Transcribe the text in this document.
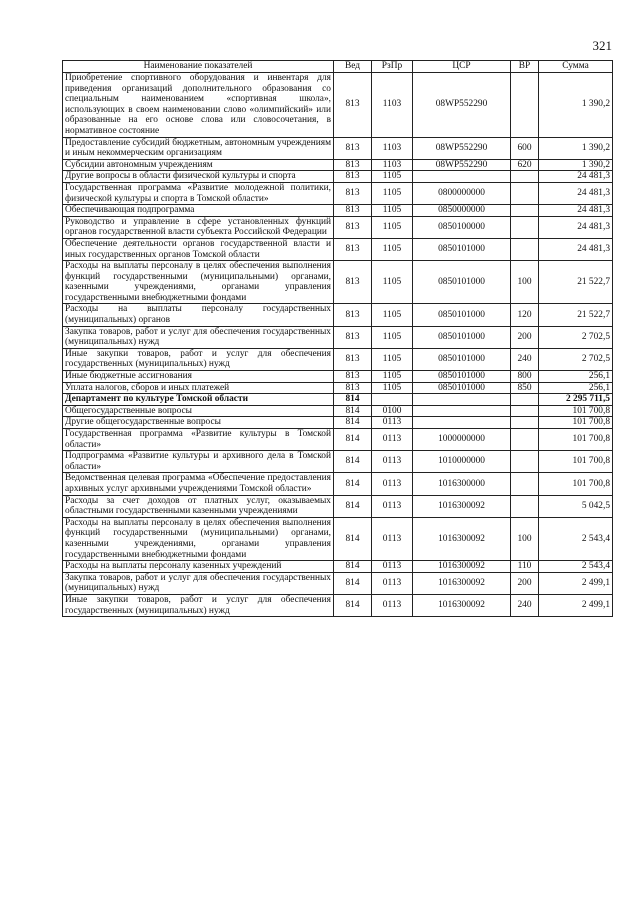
321
Наименование показателей	Вед	РзПр	ЦСР	ВР	Сумма
Приобретение спортивного оборудования и инвентаря для приведения организаций дополнительного образования со специальным наименованием «спортивная школа», использующих в своем наименовании слово «олимпийский» или образованные на его основе слова или словосочетания, в нормативное состояние	813	1103	08WP552290		1 390,2
Предоставление субсидий бюджетным, автономным учреждениям и иным некоммерческим организациям	813	1103	08WP552290	600	1 390,2
Субсидии автономным учреждениям	813	1103	08WP552290	620	1 390,2
Другие вопросы в области физической культуры и спорта	813	1105			24 481,3
Государственная программа «Развитие молодежной политики, физической культуры и спорта в Томской области»	813	1105	0800000000		24 481,3
Обеспечивающая подпрограмма	813	1105	0850000000		24 481,3
Руководство и управление в сфере установленных функций органов государственной власти субъекта Российской Федерации	813	1105	0850100000		24 481,3
Обеспечение деятельности органов государственной власти и иных государственных органов Томской области	813	1105	0850101000		24 481,3
Расходы на выплаты персоналу в целях обеспечения выполнения функций государственными (муниципальными) органами, казенными учреждениями, органами управления государственными внебюджетными фондами	813	1105	0850101000	100	21 522,7
Расходы на выплаты персоналу государственных (муниципальных) органов	813	1105	0850101000	120	21 522,7
Закупка товаров, работ и услуг для обеспечения государственных (муниципальных) нужд	813	1105	0850101000	200	2 702,5
Иные закупки товаров, работ и услуг для обеспечения государственных (муниципальных) нужд	813	1105	0850101000	240	2 702,5
Иные бюджетные ассигнования	813	1105	0850101000	800	256,1
Уплата налогов, сборов и иных платежей	813	1105	0850101000	850	256,1
Департамент по культуре Томской области	814				2 295 711,5
Общегосударственные вопросы	814	0100			101 700,8
Другие общегосударственные вопросы	814	0113			101 700,8
Государственная программа «Развитие культуры в Томской области»	814	0113	1000000000		101 700,8
Подпрограмма «Развитие культуры и архивного дела в Томской области»	814	0113	1010000000		101 700,8
Ведомственная целевая программа «Обеспечение предоставления архивных услуг архивными учреждениями Томской области»	814	0113	1016300000		101 700,8
Расходы за счет доходов от платных услуг, оказываемых областными государственными казенными учреждениями	814	0113	1016300092		5 042,5
Расходы на выплаты персоналу в целях обеспечения выполнения функций государственными (муниципальными) органами, казенными учреждениями, органами управления государственными внебюджетными фондами	814	0113	1016300092	100	2 543,4
Расходы на выплаты персоналу казенных учреждений	814	0113	1016300092	110	2 543,4
Закупка товаров, работ и услуг для обеспечения государственных (муниципальных) нужд	814	0113	1016300092	200	2 499,1
Иные закупки товаров, работ и услуг для обеспечения государственных (муниципальных) нужд	814	0113	1016300092	240	2 499,1
